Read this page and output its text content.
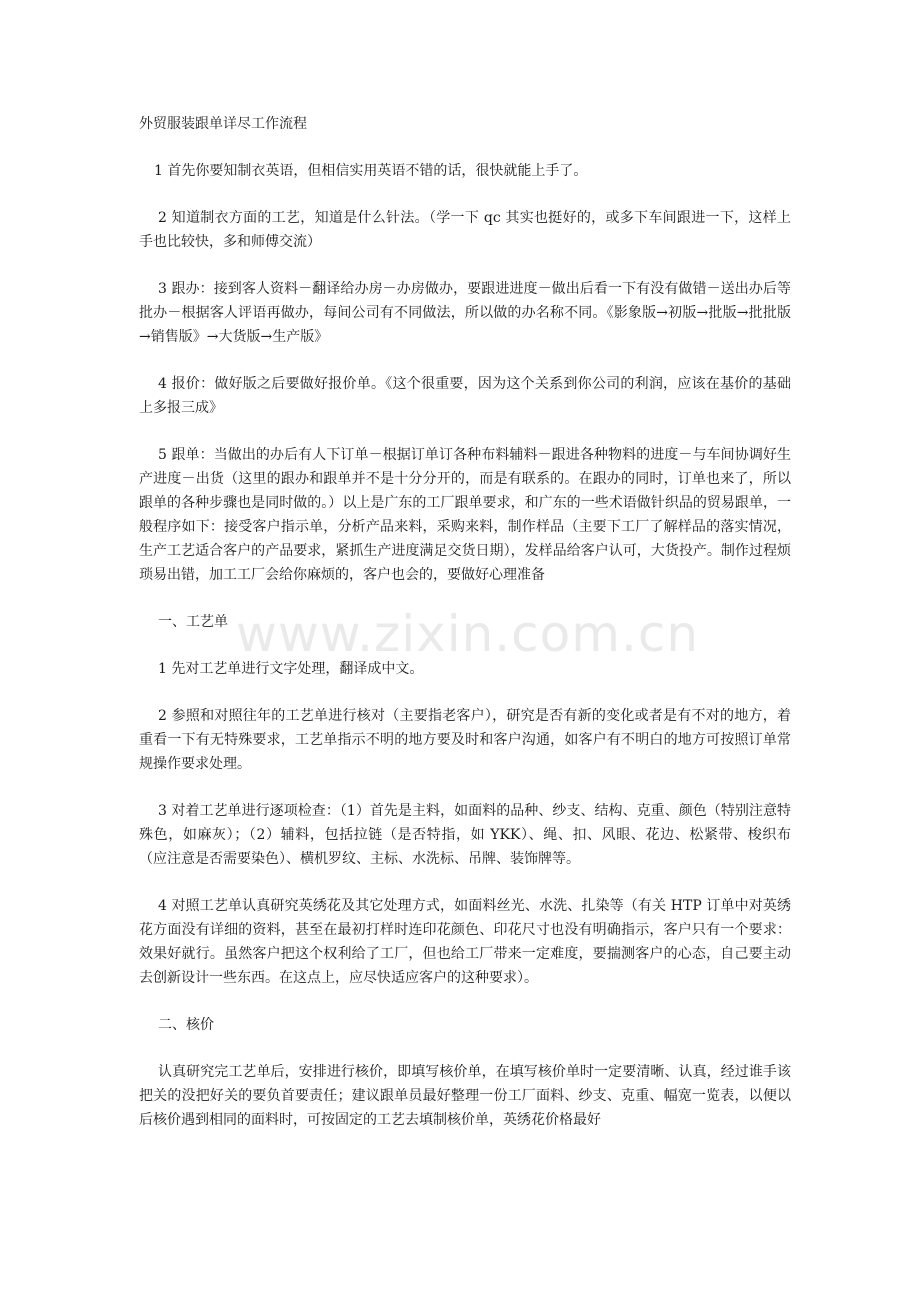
外贸服装跟单详尽工作流程

1 首先你要知制衣英语，但相信实用英语不错的话，很快就能上手了。

2 知道制衣方面的工艺，知道是什么针法。（学一下 qc 其实也挺好的，或多下车间跟进一下，这样上手也比较快，多和师傅交流）

3 跟办：接到客人资料－翻译给办房－办房做办，要跟进进度－做出后看一下有没有做错－送出办后等批办－根据客人评语再做办，每间公司有不同做法，所以做的办名称不同。《影象版→初版→批版→批批版→销售版》→大货版→生产版》

4 报价：做好版之后要做好报价单。《这个很重要，因为这个关系到你公司的利润，应该在基价的基础上多报三成》

5 跟单：当做出的办后有人下订单－根据订单订各种布料辅料－跟进各种物料的进度－与车间协调好生产进度－出货（这里的跟办和跟单并不是十分分开的，而是有联系的。在跟办的同时，订单也来了，所以跟单的各种步骤也是同时做的。）以上是广东的工厂跟单要求，和广东的一些术语做针织品的贸易跟单，一般程序如下：接受客户指示单，分析产品来料，采购来料，制作样品（主要下工厂了解样品的落实情况，生产工艺适合客户的产品要求，紧抓生产进度满足交货日期），发样品给客户认可，大货投产。制作过程烦琐易出错，加工工厂会给你麻烦的，客户也会的，要做好心理准备

一、工艺单

1 先对工艺单进行文字处理，翻译成中文。

2 参照和对照往年的工艺单进行核对（主要指老客户），研究是否有新的变化或者是有不对的地方，着重看一下有无特殊要求，工艺单指示不明的地方要及时和客户沟通，如客户有不明白的地方可按照订单常规操作要求处理。

3 对着工艺单进行逐项检查：（1）首先是主料，如面料的品种、纱支、结构、克重、颜色（特别注意特殊色，如麻灰）；（2）辅料，包括拉链（是否特指，如 YKK）、绳、扣、风眼、花边、松紧带、梭织布（应注意是否需要染色）、横机罗纹、主标、水洗标、吊牌、装饰牌等。

4 对照工艺单认真研究英绣花及其它处理方式，如面料丝光、水洗、扎染等（有关 HTP 订单中对英绣花方面没有详细的资料，甚至在最初打样时连印花颜色、印花尺寸也没有明确指示，客户只有一个要求：效果好就行。虽然客户把这个权利给了工厂，但也给工厂带来一定难度，要揣测客户的心态，自己要主动去创新设计一些东西。在这点上，应尽快适应客户的这种要求）。

二、核价

认真研究完工艺单后，安排进行核价，即填写核价单，在填写核价单时一定要清晰、认真，经过谁手该把关的没把好关的要负首要责任；建议跟单员最好整理一份工厂面料、纱支、克重、幅宽一览表，以便以后核价遇到相同的面料时，可按固定的工艺去填制核价单，英绣花价格最好

www.zixin.com.cn
